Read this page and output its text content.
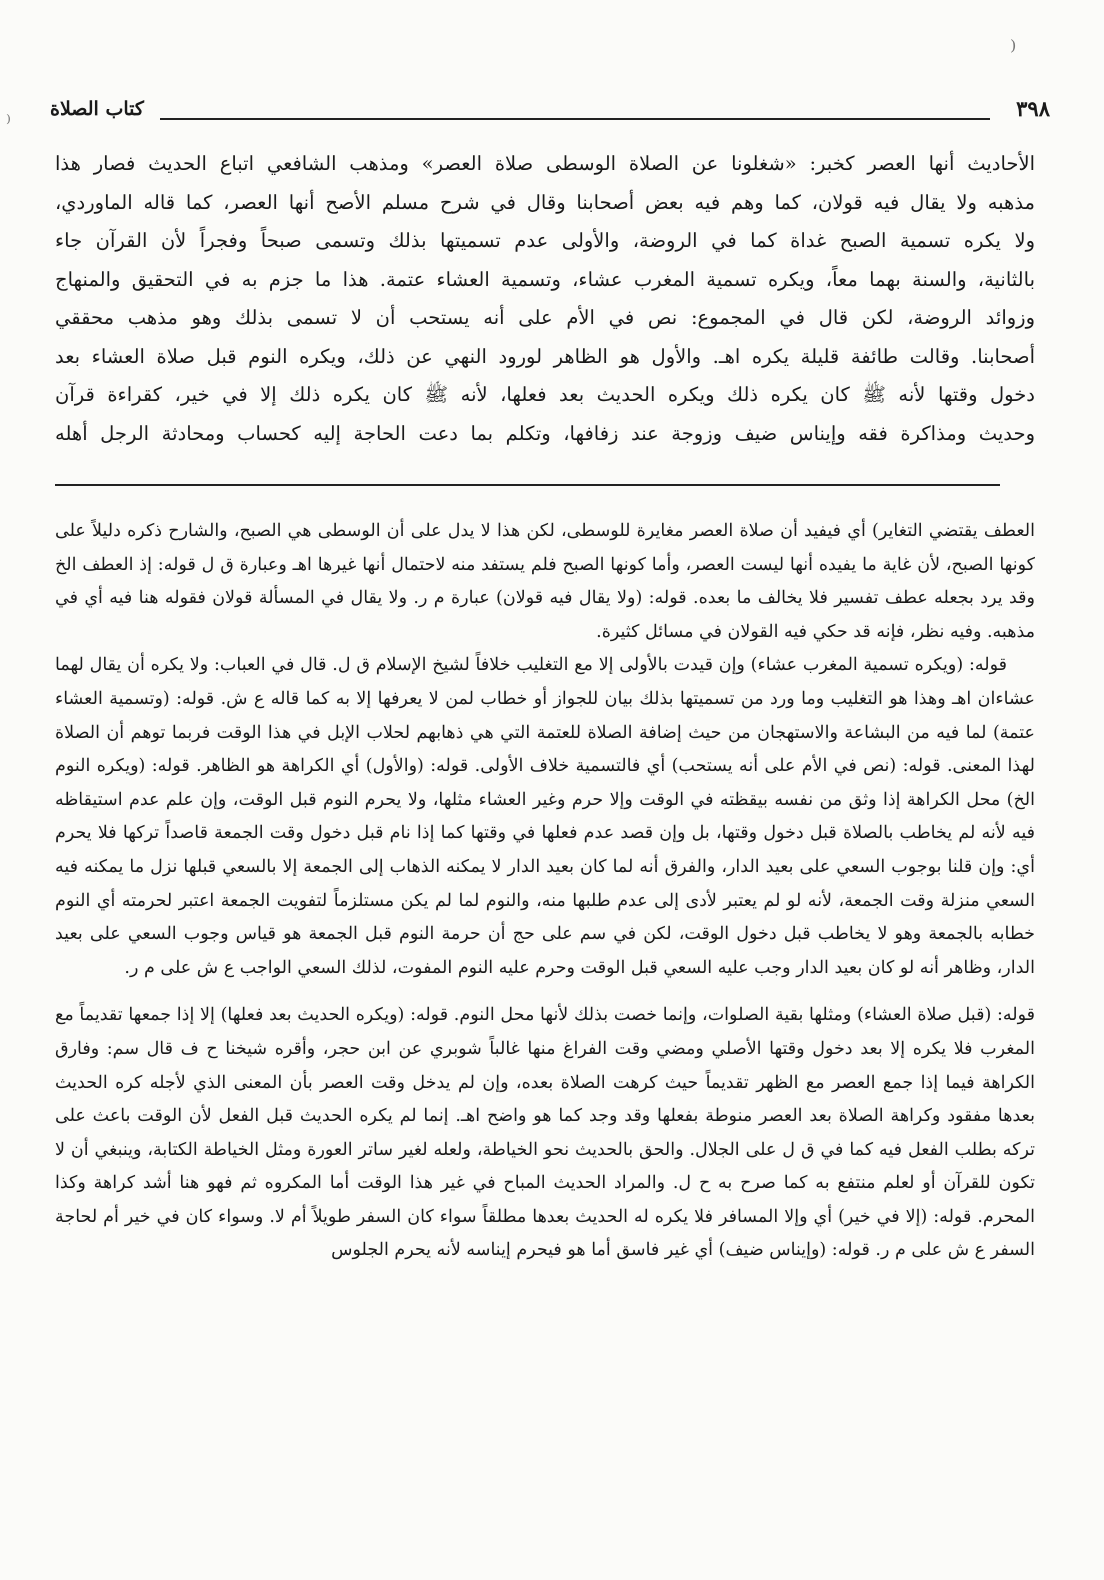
⁾
⁾
٣٩٨
كتاب الصلاة

الأحاديث أنها العصر كخبر: «شغلونا عن الصلاة الوسطى صلاة العصر» ومذهب الشافعي اتباع الحديث فصار هذا

مذهبه ولا يقال فيه قولان، كما وهم فيه بعض أصحابنا وقال في شرح مسلم الأصح أنها العصر، كما قاله الماوردي،

ولا يكره تسمية الصبح غداة كما في الروضة، والأولى عدم تسميتها بذلك وتسمى صبحاً وفجراً لأن القرآن جاء

بالثانية، والسنة بهما معاً، ويكره تسمية المغرب عشاء، وتسمية العشاء عتمة. هذا ما جزم به في التحقيق والمنهاج

وزوائد الروضة، لكن قال في المجموع: نص في الأم على أنه يستحب أن لا تسمى بذلك وهو مذهب محققي

أصحابنا. وقالت طائفة قليلة يكره اهـ. والأول هو الظاهر لورود النهي عن ذلك، ويكره النوم قبل صلاة العشاء بعد

دخول وقتها لأنه ﷺ كان يكره ذلك ويكره الحديث بعد فعلها، لأنه ﷺ كان يكره ذلك إلا في خير، كقراءة قرآن

وحديث ومذاكرة فقه وإيناس ضيف وزوجة عند زفافها، وتكلم بما دعت الحاجة إليه كحساب ومحادثة الرجل أهله

العطف يقتضي التغاير) أي فيفيد أن صلاة العصر مغايرة للوسطى، لكن هذا لا يدل على أن الوسطى هي الصبح، والشارح ذكره دليلاً على كونها الصبح، لأن غاية ما يفيده أنها ليست العصر، وأما كونها الصبح فلم يستفد منه لاحتمال أنها غيرها اهـ وعبارة ق ل قوله: إذ العطف الخ وقد يرد بجعله عطف تفسير فلا يخالف ما بعده. قوله: (ولا يقال فيه قولان) عبارة م ر. ولا يقال في المسألة قولان فقوله هنا فيه أي في مذهبه. وفيه نظر، فإنه قد حكي فيه القولان في مسائل كثيرة.

قوله: (ويكره تسمية المغرب عشاء) وإن قيدت بالأولى إلا مع التغليب خلافاً لشيخ الإسلام ق ل. قال في العباب: ولا يكره أن يقال لهما عشاءان اهـ وهذا هو التغليب وما ورد من تسميتها بذلك بيان للجواز أو خطاب لمن لا يعرفها إلا به كما قاله ع ش. قوله: (وتسمية العشاء عتمة) لما فيه من البشاعة والاستهجان من حيث إضافة الصلاة للعتمة التي هي ذهابهم لحلاب الإبل في هذا الوقت فربما توهم أن الصلاة لهذا المعنى. قوله: (نص في الأم على أنه يستحب) أي فالتسمية خلاف الأولى. قوله: (والأول) أي الكراهة هو الظاهر. قوله: (ويكره النوم الخ) محل الكراهة إذا وثق من نفسه بيقظته في الوقت وإلا حرم وغير العشاء مثلها، ولا يحرم النوم قبل الوقت، وإن علم عدم استيقاظه فيه لأنه لم يخاطب بالصلاة قبل دخول وقتها، بل وإن قصد عدم فعلها في وقتها كما إذا نام قبل دخول وقت الجمعة قاصداً تركها فلا يحرم أي: وإن قلنا بوجوب السعي على بعيد الدار، والفرق أنه لما كان بعيد الدار لا يمكنه الذهاب إلى الجمعة إلا بالسعي قبلها نزل ما يمكنه فيه السعي منزلة وقت الجمعة، لأنه لو لم يعتبر لأدى إلى عدم طلبها منه، والنوم لما لم يكن مستلزماً لتفويت الجمعة اعتبر لحرمته أي النوم خطابه بالجمعة وهو لا يخاطب قبل دخول الوقت، لكن في سم على حج أن حرمة النوم قبل الجمعة هو قياس وجوب السعي على بعيد الدار، وظاهر أنه لو كان بعيد الدار وجب عليه السعي قبل الوقت وحرم عليه النوم المفوت، لذلك السعي الواجب ع ش على م ر.

قوله: (قبل صلاة العشاء) ومثلها بقية الصلوات، وإنما خصت بذلك لأنها محل النوم. قوله: (ويكره الحديث بعد فعلها) إلا إذا جمعها تقديماً مع المغرب فلا يكره إلا بعد دخول وقتها الأصلي ومضي وقت الفراغ منها غالباً شوبري عن ابن حجر، وأقره شيخنا ح ف قال سم: وفارق الكراهة فيما إذا جمع العصر مع الظهر تقديماً حيث كرهت الصلاة بعده، وإن لم يدخل وقت العصر بأن المعنى الذي لأجله كره الحديث بعدها مفقود وكراهة الصلاة بعد العصر منوطة بفعلها وقد وجد كما هو واضح اهـ. إنما لم يكره الحديث قبل الفعل لأن الوقت باعث على تركه بطلب الفعل فيه كما في ق ل على الجلال. والحق بالحديث نحو الخياطة، ولعله لغير ساتر العورة ومثل الخياطة الكتابة، وينبغي أن لا تكون للقرآن أو لعلم منتفع به كما صرح به ح ل. والمراد الحديث المباح في غير هذا الوقت أما المكروه ثم فهو هنا أشد كراهة وكذا المحرم. قوله: (إلا في خير) أي وإلا المسافر فلا يكره له الحديث بعدها مطلقاً سواء كان السفر طويلاً أم لا. وسواء كان في خير أم لحاجة السفر ع ش على م ر. قوله: (وإيناس ضيف) أي غير فاسق أما هو فيحرم إيناسه لأنه يحرم الجلوس
